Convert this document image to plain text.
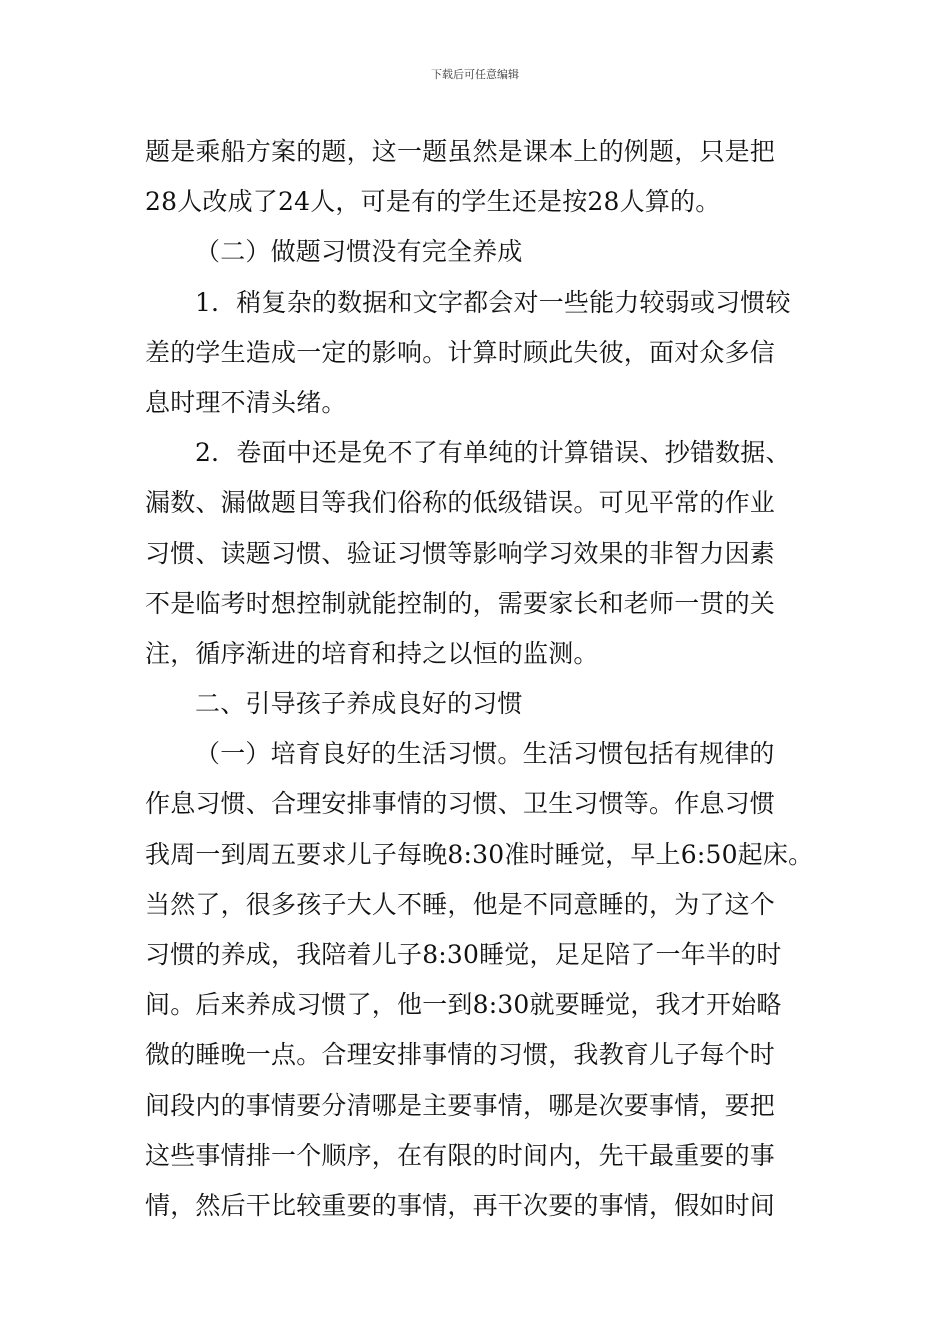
下载后可任意编辑
题是乘船方案的题，这一题虽然是课本上的例题，只是把
28人改成了24人，可是有的学生还是按28人算的。
（二）做题习惯没有完全养成
1．稍复杂的数据和文字都会对一些能力较弱或习惯较
差的学生造成一定的影响。计算时顾此失彼，面对众多信
息时理不清头绪。
2．卷面中还是免不了有单纯的计算错误、抄错数据、
漏数、漏做题目等我们俗称的低级错误。可见平常的作业
习惯、读题习惯、验证习惯等影响学习效果的非智力因素
不是临考时想控制就能控制的，需要家长和老师一贯的关
注，循序渐进的培育和持之以恒的监测。
二、引导孩子养成良好的习惯
（一）培育良好的生活习惯。生活习惯包括有规律的
作息习惯、合理安排事情的习惯、卫生习惯等。作息习惯
我周一到周五要求儿子每晚8:30准时睡觉，早上6:50起床。
当然了，很多孩子大人不睡，他是不同意睡的，为了这个
习惯的养成，我陪着儿子8:30睡觉，足足陪了一年半的时
间。后来养成习惯了，他一到8:30就要睡觉，我才开始略
微的睡晚一点。合理安排事情的习惯，我教育儿子每个时
间段内的事情要分清哪是主要事情，哪是次要事情，要把
这些事情排一个顺序，在有限的时间内，先干最重要的事
情，然后干比较重要的事情，再干次要的事情，假如时间
